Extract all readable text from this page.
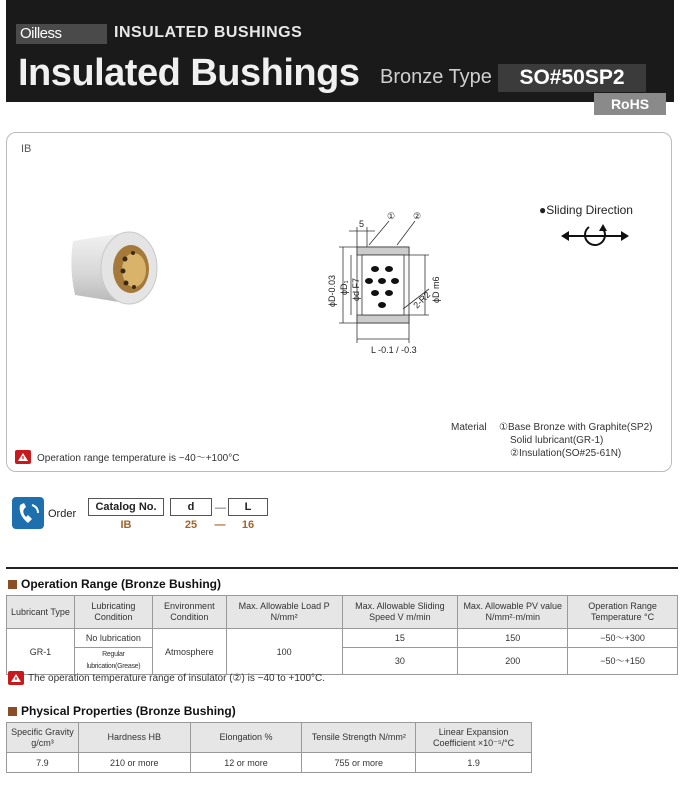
Oilless	INSULATED BUSHINGS
Insulated Bushings Bronze Type	SO#50SP2
RoHS
IB
5
① ②
ϕD-0.03 ϕD₁ ϕd F7	ϕD m6
2-R2
L -0.1 / -0.3
●Sliding Direction
Material ①Base Bronze with Graphite(SP2)
Solid lubricant(GR-1)
②Insulation(SO#25-61N)
Operation range temperature is −40〜+100°C
Order
Catalog No.	d	—	L
IB	25	—	16
Operation Range (Bronze Bushing)
Lubricant Type	Lubricating Condition	Environment Condition	Max. Allowable Load P N/mm²	Max. Allowable Sliding Speed V m/min	Max. Allowable PV value N/mm²·m/min	Operation Range Temperature °C
GR-1	No lubrication	Atmosphere	100	15	150	−50〜+300
	Regular lubrication(Grease)			30	200	−50〜+150
The operation temperature range of insulator (②) is −40 to +100°C.
Physical Properties (Bronze Bushing)
Specific Gravity g/cm³	Hardness HB	Elongation %	Tensile Strength N/mm²	Linear Expansion Coefficient ×10⁻⁵/°C
7.9	210 or more	12 or more	755 or more	1.9
